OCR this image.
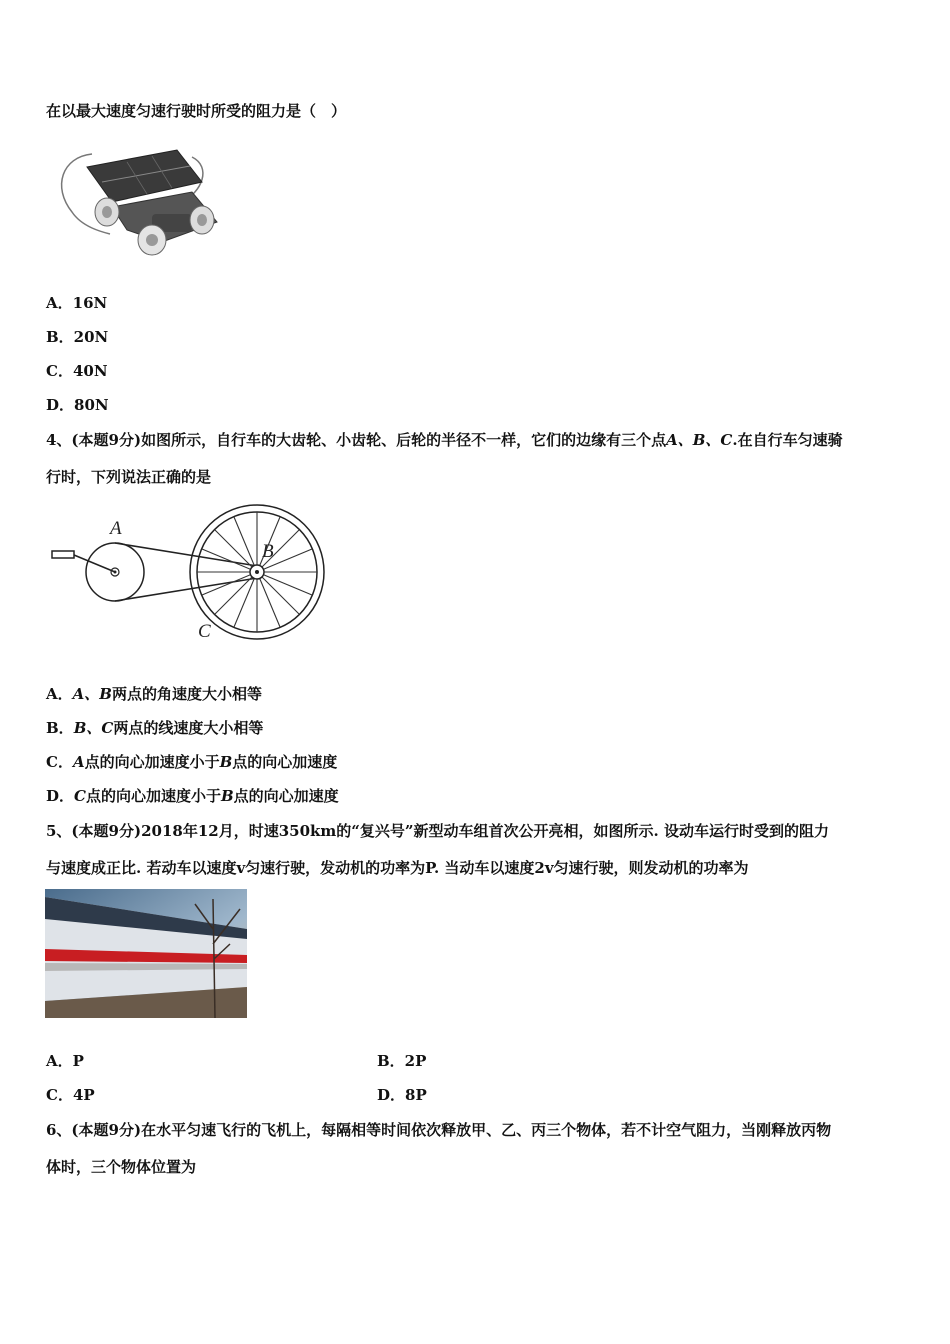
在以最大速度匀速行驶时所受的阻力是（　）
A．16N
B．20N
C．40N
D．80N
4、(本题9分)如图所示，自行车的大齿轮、小齿轮、后轮的半径不一样，它们的边缘有三个点A、B、C.在自行车匀速骑
行时，下列说法正确的是
A
B
C
A．A、B两点的角速度大小相等
B．B、C两点的线速度大小相等
C．A点的向心加速度小于B点的向心加速度
D．C点的向心加速度小于B点的向心加速度
5、(本题9分)2018年12月，时速350km的“复兴号”新型动车组首次公开亮相，如图所示. 设动车运行时受到的阻力
与速度成正比. 若动车以速度v匀速行驶，发动机的功率为P. 当动车以速度2v匀速行驶，则发动机的功率为
A．P	B．2P
C．4P	D．8P
6、(本题9分)在水平匀速飞行的飞机上，每隔相等时间依次释放甲、乙、丙三个物体，若不计空气阻力，当刚释放丙物
体时，三个物体位置为
